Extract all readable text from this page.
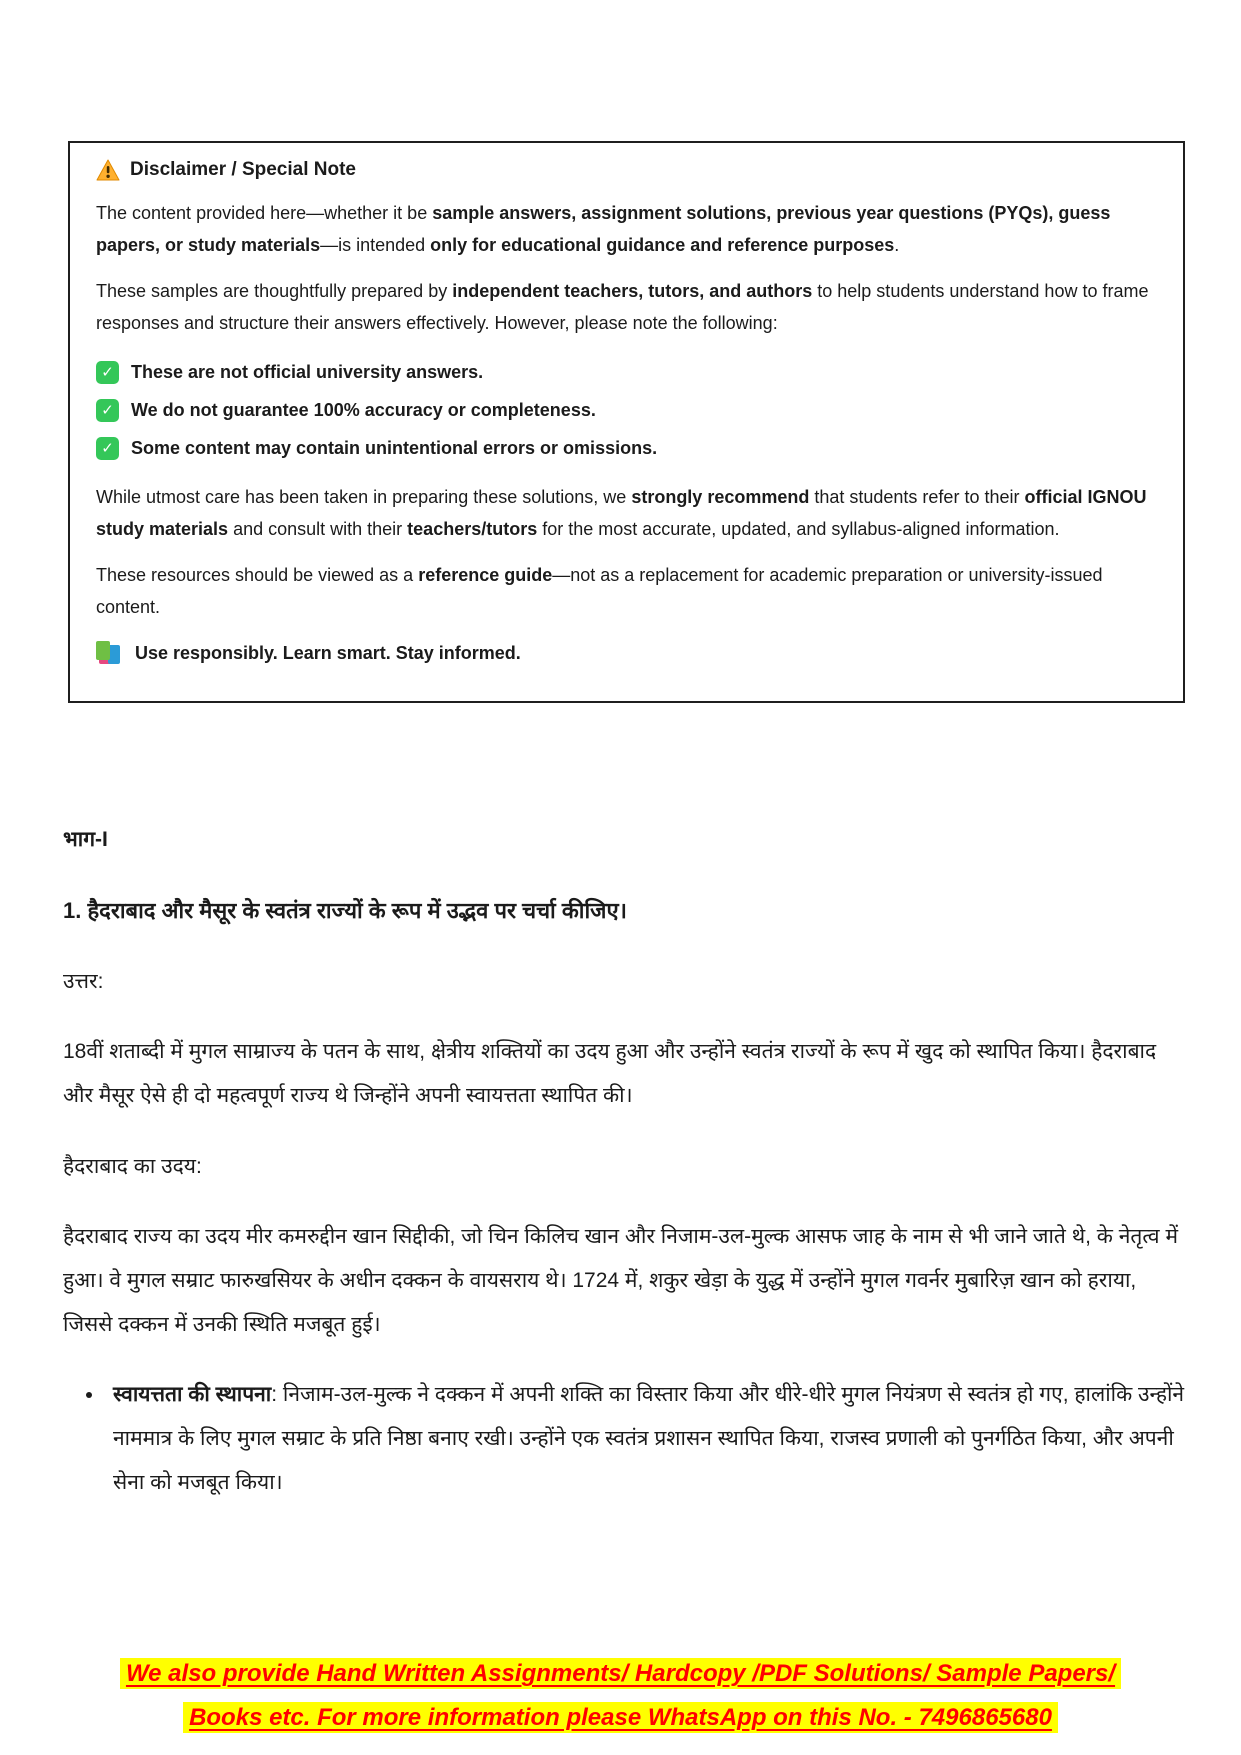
Disclaimer / Special Note

The content provided here—whether it be sample answers, assignment solutions, previous year questions (PYQs), guess papers, or study materials—is intended only for educational guidance and reference purposes.

These samples are thoughtfully prepared by independent teachers, tutors, and authors to help students understand how to frame responses and structure their answers effectively. However, please note the following:

✓ These are not official university answers.
✓ We do not guarantee 100% accuracy or completeness.
✓ Some content may contain unintentional errors or omissions.

While utmost care has been taken in preparing these solutions, we strongly recommend that students refer to their official IGNOU study materials and consult with their teachers/tutors for the most accurate, updated, and syllabus-aligned information.

These resources should be viewed as a reference guide—not as a replacement for academic preparation or university-issued content.

Use responsibly. Learn smart. Stay informed.
भाग-I
1. हैदराबाद और मैसूर के स्वतंत्र राज्यों के रूप में उद्भव पर चर्चा कीजिए।
उत्तर:
18वीं शताब्दी में मुगल साम्राज्य के पतन के साथ, क्षेत्रीय शक्तियों का उदय हुआ और उन्होंने स्वतंत्र राज्यों के रूप में खुद को स्थापित किया। हैदराबाद और मैसूर ऐसे ही दो महत्वपूर्ण राज्य थे जिन्होंने अपनी स्वायत्तता स्थापित की।
हैदराबाद का उदय:
हैदराबाद राज्य का उदय मीर कमरुद्दीन खान सिद्दीकी, जो चिन किलिच खान और निजाम-उल-मुल्क आसफ जाह के नाम से भी जाने जाते थे, के नेतृत्व में हुआ। वे मुगल सम्राट फारुखसियर के अधीन दक्कन के वायसराय थे। 1724 में, शकुर खेड़ा के युद्ध में उन्होंने मुगल गवर्नर मुबारिज़ खान को हराया, जिससे दक्कन में उनकी स्थिति मजबूत हुई।
• स्वायत्तता की स्थापना: निजाम-उल-मुल्क ने दक्कन में अपनी शक्ति का विस्तार किया और धीरे-धीरे मुगल नियंत्रण से स्वतंत्र हो गए, हालांकि उन्होंने नाममात्र के लिए मुगल सम्राट के प्रति निष्ठा बनाए रखी। उन्होंने एक स्वतंत्र प्रशासन स्थापित किया, राजस्व प्रणाली को पुनर्गठित किया, और अपनी सेना को मजबूत किया।
We also provide Hand Written Assignments/ Hardcopy /PDF Solutions/ Sample Papers/
Books etc. For more information please WhatsApp on this No. - 7496865680
